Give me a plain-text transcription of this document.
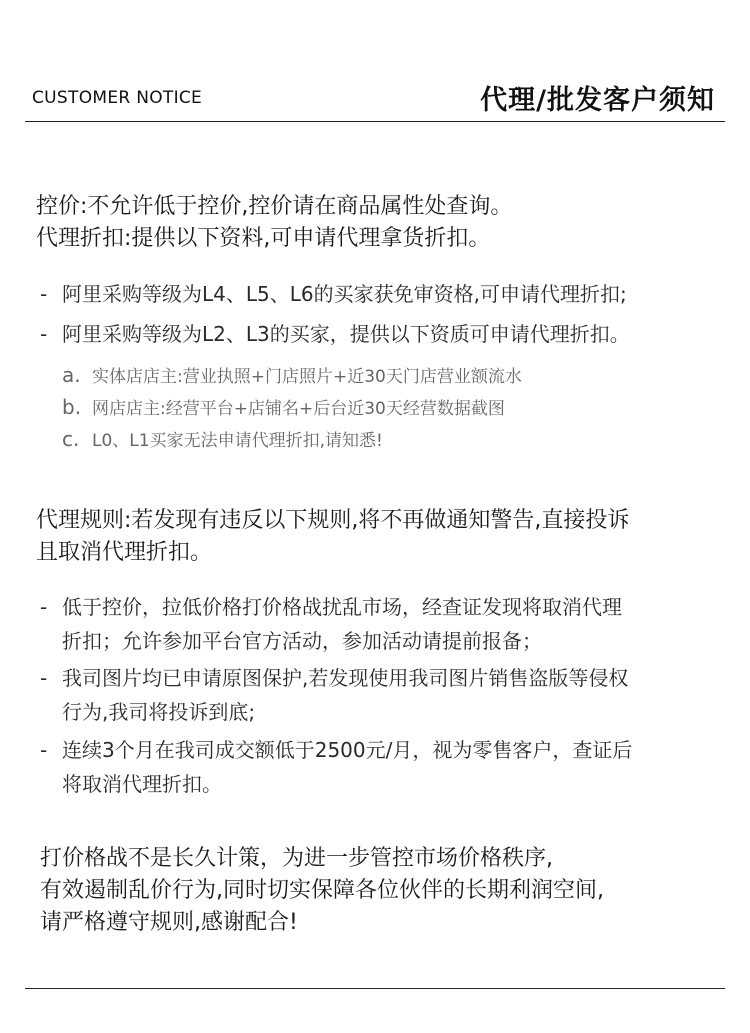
CUSTOMER NOTICE	代理/批发客户须知
控价:不允许低于控价,控价请在商品属性处查询。
代理折扣:提供以下资料,可申请代理拿货折扣。
- 阿里采购等级为L4、L5、L6的买家获免审资格,可申请代理折扣;
- 阿里采购等级为L2、L3的买家，提供以下资质可申请代理折扣。
a. 实体店店主:营业执照+门店照片+近30天门店营业额流水
b. 网店店主:经营平台+店铺名+后台近30天经营数据截图
c. L0、L1买家无法申请代理折扣,请知悉!
代理规则:若发现有违反以下规则,将不再做通知警告,直接投诉
且取消代理折扣。
- 低于控价，拉低价格打价格战扰乱市场，经查证发现将取消代理
折扣；允许参加平台官方活动，参加活动请提前报备；
- 我司图片均已申请原图保护,若发现使用我司图片销售盗版等侵权
行为,我司将投诉到底;
- 连续3个月在我司成交额低于2500元/月，视为零售客户，查证后
将取消代理折扣。
打价格战不是长久计策，为进一步管控市场价格秩序,
有效遏制乱价行为,同时切实保障各位伙伴的长期利润空间,
请严格遵守规则,感谢配合!
